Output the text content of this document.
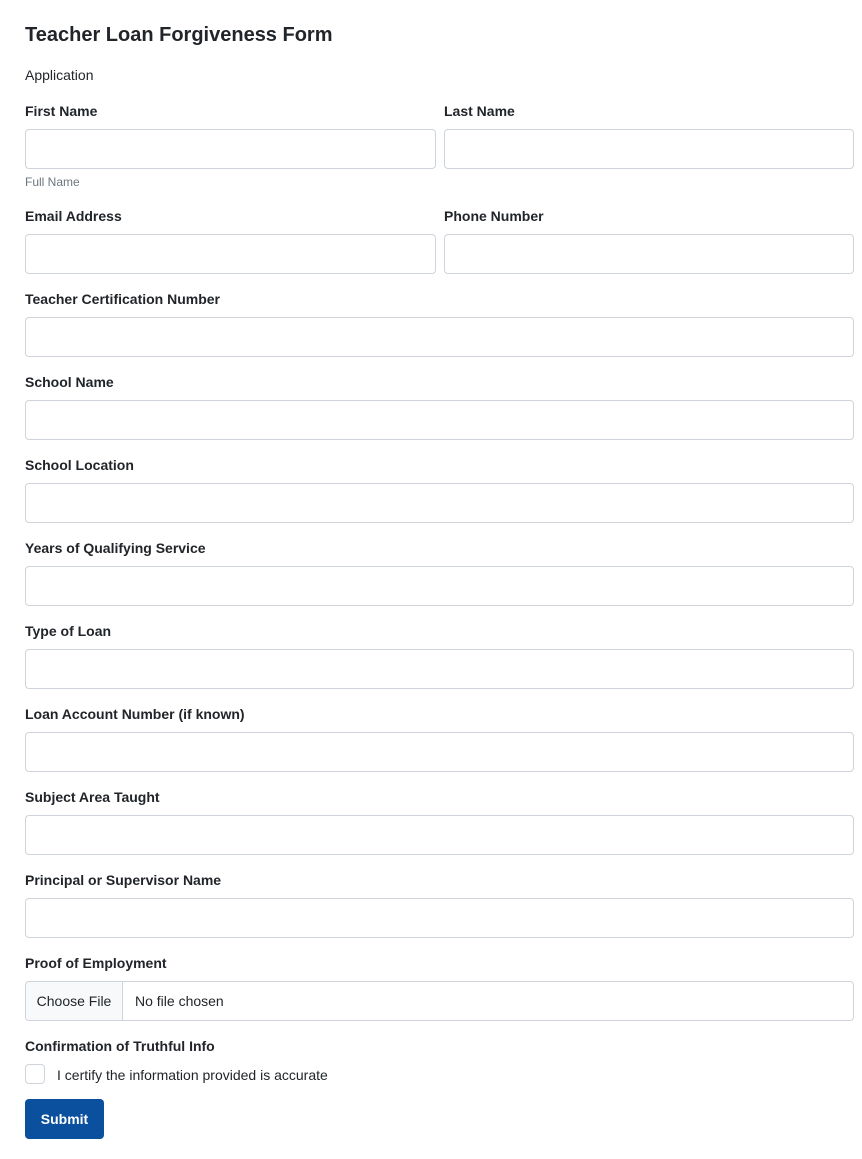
Teacher Loan Forgiveness Form
Application
First Name	Last Name
Full Name
Email Address	Phone Number
Teacher Certification Number
School Name
School Location
Years of Qualifying Service
Type of Loan
Loan Account Number (if known)
Subject Area Taught
Principal or Supervisor Name
Proof of Employment
Choose File	No file chosen
Confirmation of Truthful Info
I certify the information provided is accurate
Submit
